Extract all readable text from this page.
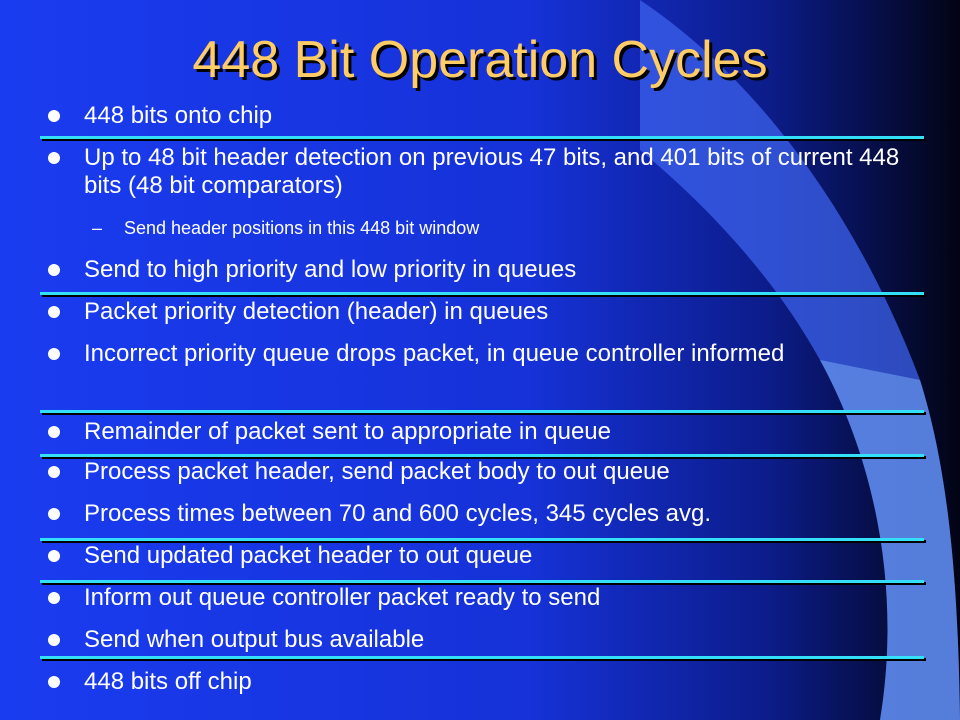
448 Bit Operation Cycles
448 bits onto chip
Up to 48 bit header detection on previous 47 bits, and 401 bits of current 448 bits (48 bit comparators)
– Send header positions in this 448 bit window
Send to high priority and low priority in queues
Packet priority detection (header) in queues
Incorrect priority queue drops packet, in queue controller informed
Remainder of packet sent to appropriate in queue
Process packet header, send packet body to out queue
Process times between 70 and 600 cycles, 345 cycles avg.
Send updated packet header to out queue
Inform out queue controller packet ready to send
Send when output bus available
448 bits off chip
